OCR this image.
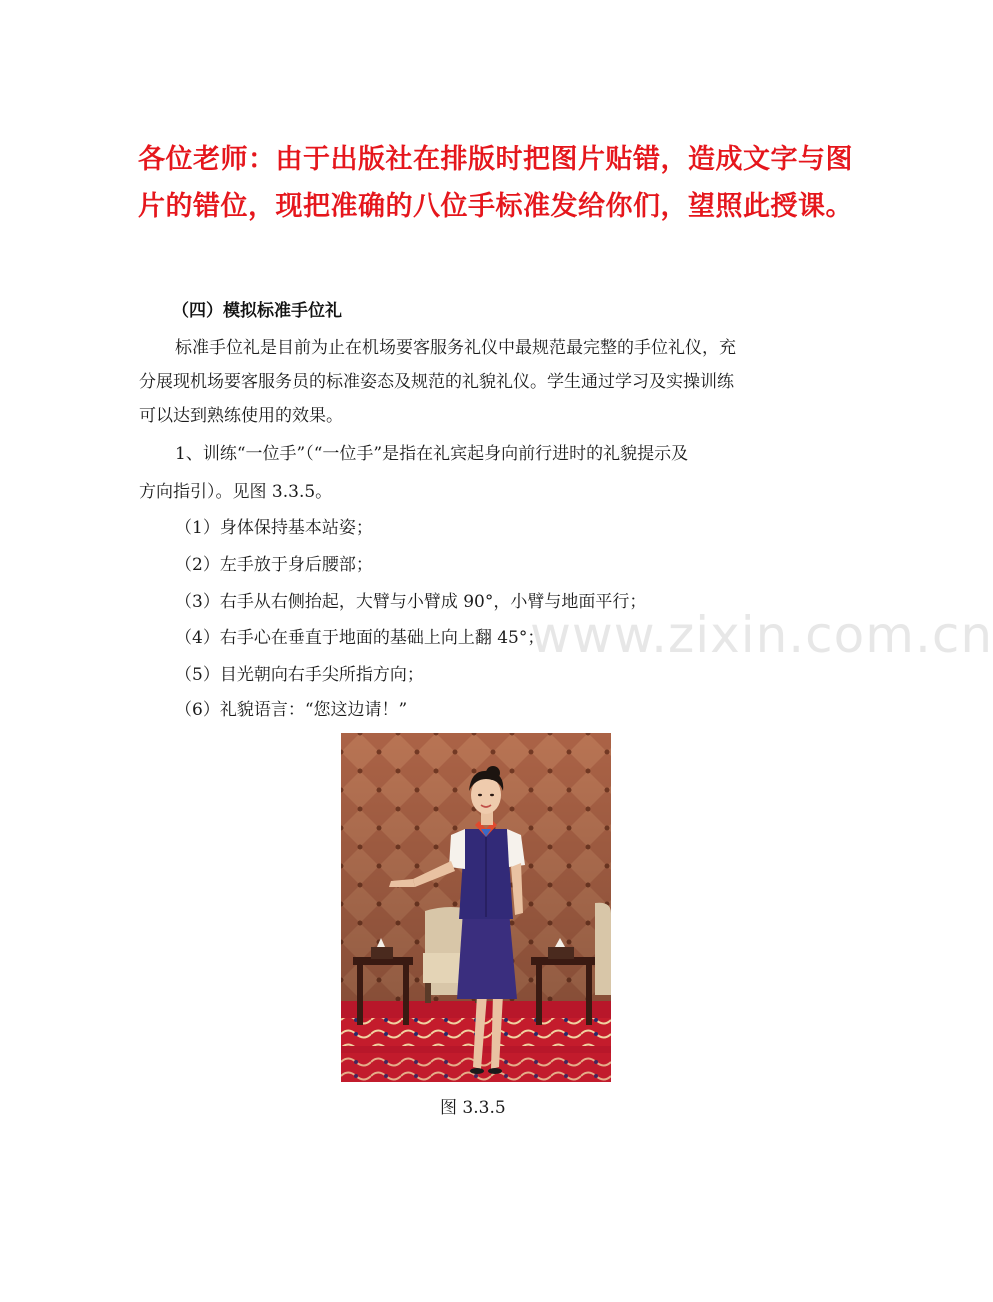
各位老师：由于出版社在排版时把图片贴错，造成文字与图

片的错位，现把准确的八位手标准发给你们，望照此授课。

（四）模拟标准手位礼
标准手位礼是目前为止在机场要客服务礼仪中最规范最完整的手位礼仪，充
分展现机场要客服务员的标准姿态及规范的礼貌礼仪。学生通过学习及实操训练
可以达到熟练使用的效果。
1、训练“一位手”（“一位手”是指在礼宾起身向前行进时的礼貌提示及
方向指引）。见图 3.3.5。
（1）身体保持基本站姿；
（2）左手放于身后腰部；
（3）右手从右侧抬起，大臂与小臂成 90°，小臂与地面平行；
（4）右手心在垂直于地面的基础上向上翻 45°；
（5）目光朝向右手尖所指方向；
（6）礼貌语言：“您这边请！”
www.zixin.com.cn
图 3.3.5
